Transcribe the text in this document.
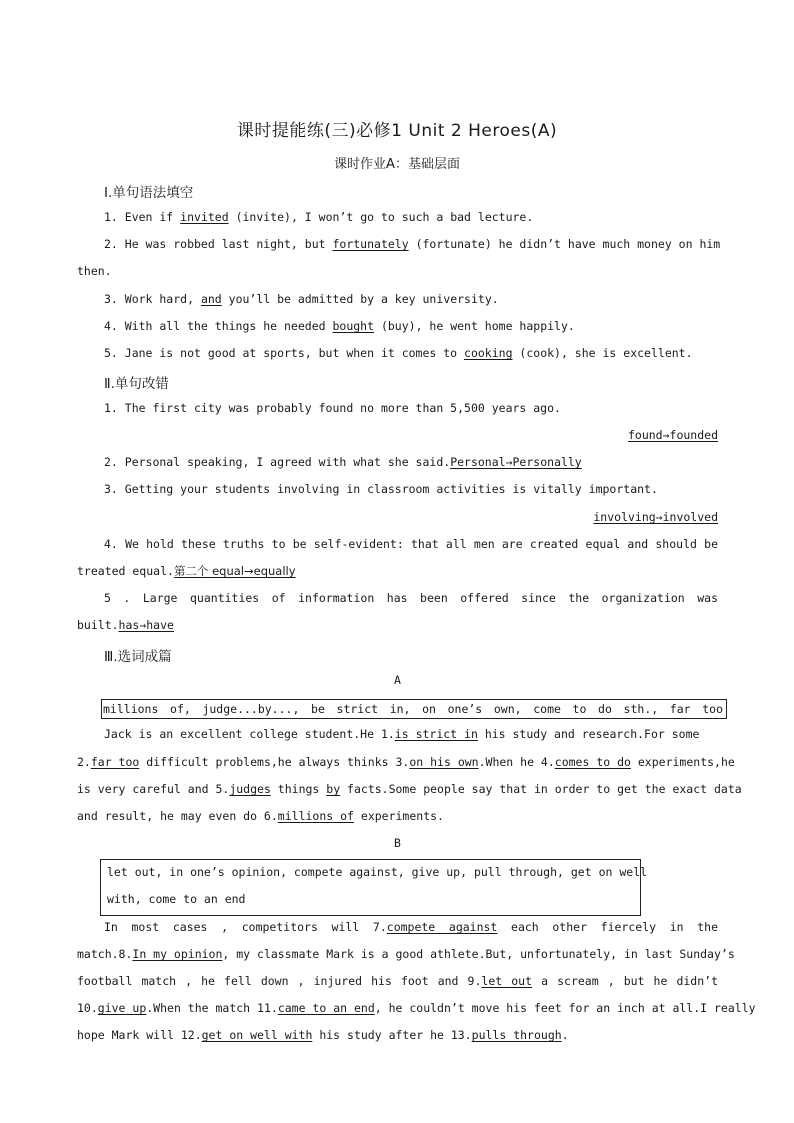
课时提能练(三)必修1 Unit 2 Heroes(A)
课时作业A：基础层面
Ⅰ.单句语法填空
1. Even if invited (invite), I won’t go to such a bad lecture.
2. He was robbed last night, but fortunately (fortunate) he didn’t have much money on him
then.
3. Work hard, and you’ll be admitted by a key university.
4. With all the things he needed bought (buy), he went home happily.
5. Jane is not good at sports, but when it comes to cooking (cook), she is excellent.
Ⅱ.单句改错
1. The first city was probably found no more than 5,500 years ago.
found→founded
2. Personal speaking, I agreed with what she said.Personal→Personally
3. Getting your students involving in classroom activities is vitally important.
involving→involved
4. We hold these truths to be self-evident: that all men are created equal and should be
treated equal.第二个 equal→equally
5 . Large quantities of information has been offered since the organization was
built.has→have
Ⅲ.选词成篇
A
millions of, judge...by..., be strict in, on one’s own, come to do sth., far too
Jack is an excellent college student.He 1.is strict in his study and research.For some
2.far too difficult problems,he always thinks 3.on his own.When he 4.comes to do experiments,he
is very careful and 5.judges things by facts.Some people say that in order to get the exact data
and result, he may even do 6.millions of experiments.
B
let out, in one’s opinion, compete against, give up, pull through, get on well
with, come to an end
In most cases , competitors will 7.compete against each other fiercely in the
match.8.In my opinion, my classmate Mark is a good athlete.But, unfortunately, in last Sunday’s
football match , he fell down , injured his foot and 9.let out a scream , but he didn’t
10.give up.When the match 11.came to an end, he couldn’t move his feet for an inch at all.I really
hope Mark will 12.get on well with his study after he 13.pulls through.
